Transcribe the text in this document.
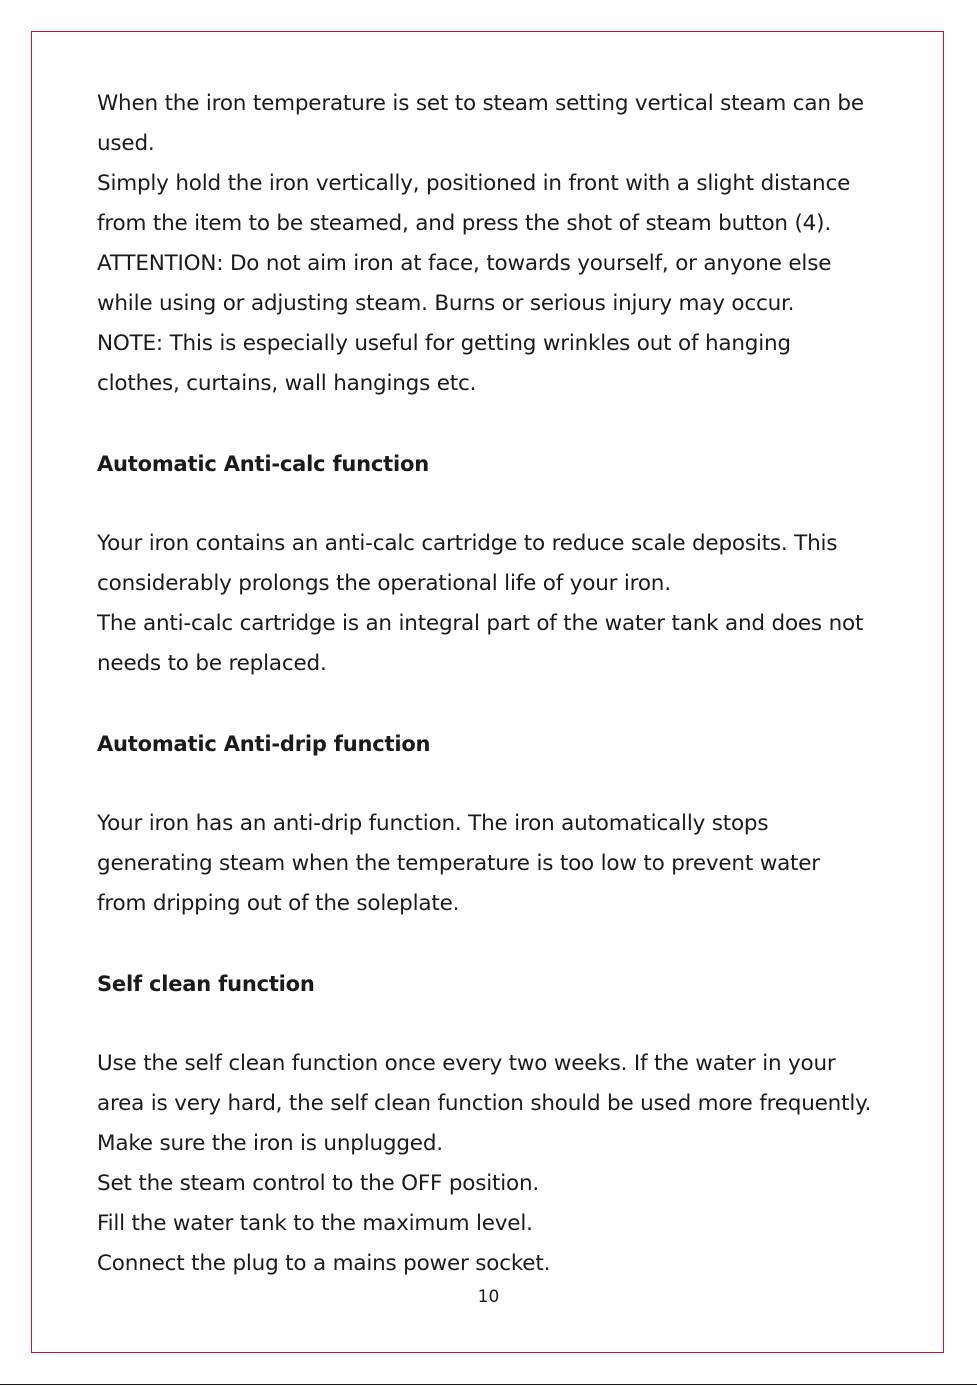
When the iron temperature is set to steam setting vertical steam can be
used.
Simply hold the iron vertically, positioned in front with a slight distance
from the item to be steamed, and press the shot of steam button (4).
ATTENTION: Do not aim iron at face, towards yourself, or anyone else
while using or adjusting steam. Burns or serious injury may occur.
NOTE: This is especially useful for getting wrinkles out of hanging
clothes, curtains, wall hangings etc.
Automatic Anti-calc function
Your iron contains an anti-calc cartridge to reduce scale deposits. This
considerably prolongs the operational life of your iron.
The anti-calc cartridge is an integral part of the water tank and does not
needs to be replaced.
Automatic Anti-drip function
Your iron has an anti-drip function. The iron automatically stops
generating steam when the temperature is too low to prevent water
from dripping out of the soleplate.
Self clean function
Use the self clean function once every two weeks. If the water in your
area is very hard, the self clean function should be used more frequently.
Make sure the iron is unplugged.
Set the steam control to the OFF position.
Fill the water tank to the maximum level.
Connect the plug to a mains power socket.
10
